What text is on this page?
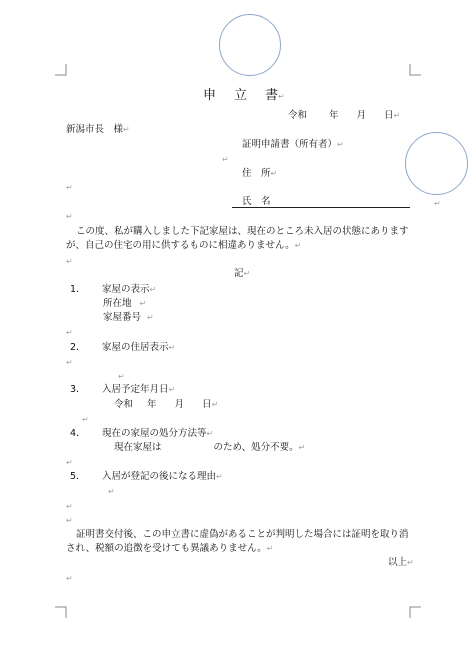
申 立 書↵
令和 年 月 日↵
新潟市長　様↵
証明申請書（所有者）↵
↵
住　所↵
↵
氏　名	↵
↵
この度、私が購入しました下記家屋は、現在のところ未入居の状態にありますが、自己の住宅の用に供するものに相違ありません。↵
↵
記↵
1． 家屋の表示↵
所在地 ↵
家屋番号 ↵
↵
2． 家屋の住居表示↵
↵
↵
3． 入居予定年月日↵
令和 年 月 日↵
↵
4． 現在の家屋の処分方法等↵
現在家屋は	のため、処分不要。↵
↵
5． 入居が登記の後になる理由↵
↵
↵
↵
証明書交付後、この申立書に虚偽があることが判明した場合には証明を取り消され、税額の追徴を受けても異議ありません。↵
以上↵
↵
